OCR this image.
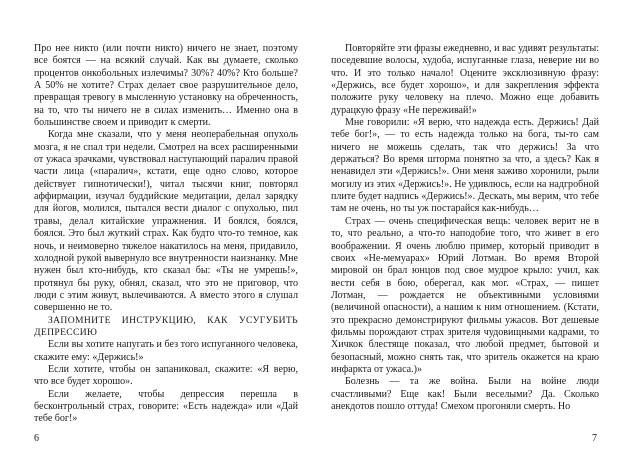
Про нее никто (или почти никто) ничего не знает, поэтому все боятся — на всякий случай. Как вы думаете, сколько процентов онкобольных излечимы? 30%? 40%? Кто больше? А 50% не хотите? Страх делает свое разрушительное дело, превращая тревогу в мысленную установку на обреченность, на то, что ты ничего не в силах изменить… Именно она в большинстве своем и приводит к смерти.

Когда мне сказали, что у меня неоперабельная опухоль мозга, я не спал три недели. Смотрел на всех расширенными от ужаса зрачками, чувствовал наступающий паралич правой части лица («паралич», кстати, еще одно слово, которое действует гипнотически!), читал тысячи книг, повторял аффирмации, изучал буддийские медитации, делал зарядку для йогов, молился, пытался вести диалог с опухолью, пил травы, делал китайские упражнения. И боялся, боялся, боялся. Это был жуткий страх. Как будто что-то темное, как ночь, и неимоверно тяжелое накатилось на меня, придавило, холодной рукой вывернуло все внутренности наизнанку. Мне нужен был кто-нибудь, кто сказал бы: «Ты не умрешь!», протянул бы руку, обнял, сказал, что это не приговор, что люди с этим живут, вылечиваются. А вместо этого я слушал совершенно не то.

ЗАПОМНИТЕ ИНСТРУКЦИЮ, КАК УСУГУБИТЬ ДЕПРЕССИЮ

Если вы хотите напугать и без того испуганного человека, скажите ему: «Держись!»

Если хотите, чтобы он запаниковал, скажите: «Я верю, что все будет хорошо».

Если желаете, чтобы депрессия перешла в бесконтрольный страх, говорите: «Есть надежда» или «Дай тебе бог!»

6

Повторяйте эти фразы ежедневно, и вас удивят результаты: поседевшие волосы, худоба, испуганные глаза, неверие ни во что. И это только начало! Оцените эксклюзивную фразу: «Держись, все будет хорошо», и для закрепления эффекта положите руку человеку на плечо. Можно еще добавить дурацкую фразу «Не переживай!»

Мне говорили: «Я верю, что надежда есть. Держись! Дай тебе бог!», — то есть надежда только на бога, ты-то сам ничего не можешь сделать, так что держись! За что держаться? Во время шторма понятно за что, а здесь? Как я ненавидел эти «Держись!». Они меня заживо хоронили, рыли могилу из этих «Держись!». Не удивлюсь, если на надгробной плите будет надпись «Держись!». Дескать, мы верим, что тебе там не очень, но ты уж постарайся как-нибудь…

Страх — очень специфическая вещь: человек верит не в то, что реально, а что-то наподобие того, что живет в его воображении. Я очень люблю пример, который приводит в своих «Не-мемуарах» Юрий Лотман. Во время Второй мировой он брал юнцов под свое мудрое крыло: учил, как вести себя в бою, оберегал, как мог. «Страх, — пишет Лотман, — рождается не объективными условиями (величиной опасности), а нашим к ним отношением. (Кстати, это прекрасно демонстрируют фильмы ужасов. Вот дешевые фильмы порождают страх зрителя чудовищными кадрами, то Хичкок блестяще показал, что любой предмет, бытовой и безопасный, можно снять так, что зритель окажется на краю инфаркта от ужаса.)»

Болезнь — та же война. Были на войне люди счастливыми? Еще как! Были веселыми? Да. Сколько анекдотов пошло оттуда! Смехом прогоняли смерть. Но

7
